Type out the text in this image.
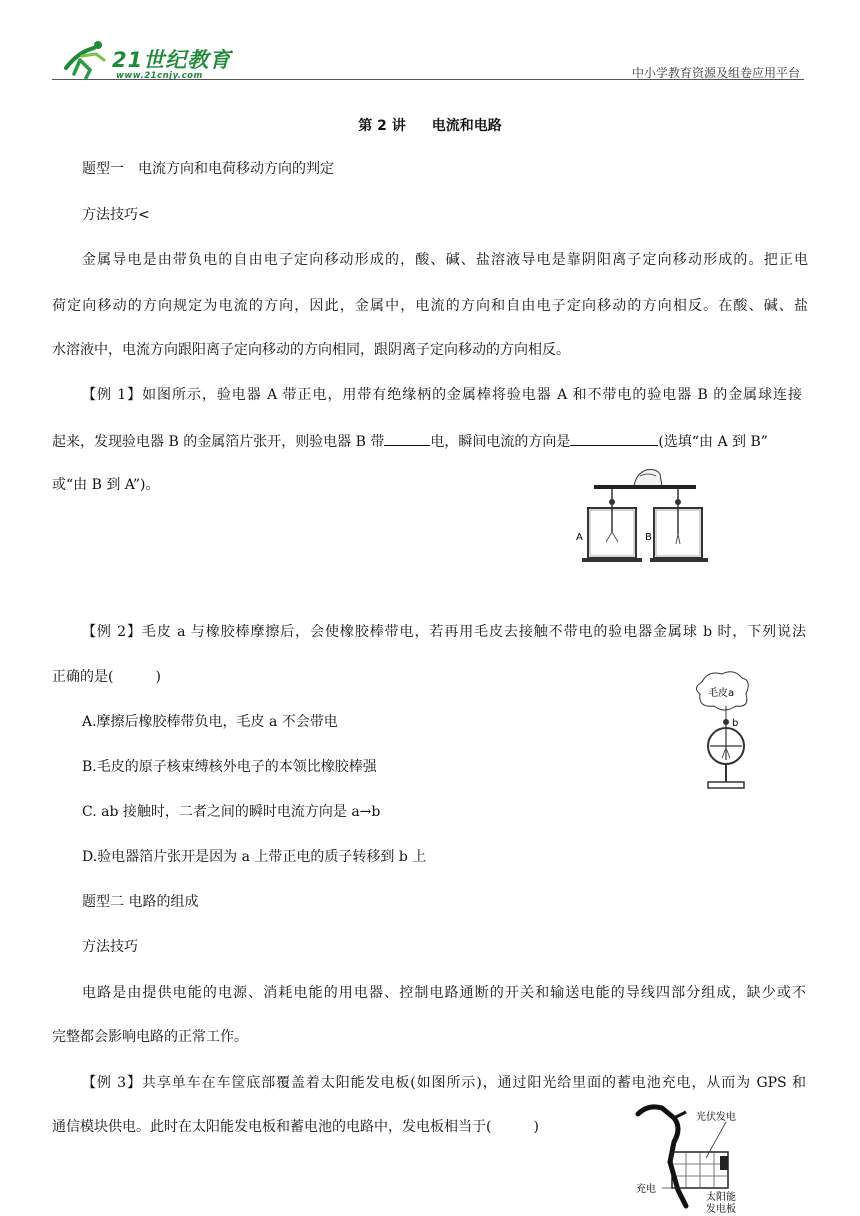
21世纪教育
www.21cnjy.com	中小学教育资源及组卷应用平台
第 2 讲 电流和电路
题型一　电流方向和电荷移动方向的判定
方法技巧<
金属导电是由带负电的自由电子定向移动形成的，酸、碱、盐溶液导电是靠阴阳离子定向移动形成的。把正电
荷定向移动的方向规定为电流的方向，因此，金属中，电流的方向和自由电子定向移动的方向相反。在酸、碱、盐
水溶液中，电流方向跟阳离子定向移动的方向相同，跟阴离子定向移动的方向相反。
【例 1】如图所示，验电器 A 带正电，用带有绝缘柄的金属棒将验电器 A 和不带电的验电器 B 的金属球连接
起来，发现验电器 B 的金属箔片张开，则验电器 B 带	电，瞬间电流的方向是	(选填“由 A 到 B”
或“由 B 到 A”)。
A	B
【例 2】毛皮 a 与橡胶棒摩擦后，会使橡胶棒带电，若再用毛皮去接触不带电的验电器金属球 b 时，下列说法
正确的是(　　　)
A.摩擦后橡胶棒带负电，毛皮 a 不会带电
B.毛皮的原子核束缚核外电子的本领比橡胶棒强
C. ab 接触时，二者之间的瞬时电流方向是 a→b
D.验电器箔片张开是因为 a 上带正电的质子转移到 b 上
毛皮a
b
题型二 电路的组成
方法技巧
电路是由提供电能的电源、消耗电能的用电器、控制电路通断的开关和输送电能的导线四部分组成，缺少或不
完整都会影响电路的正常工作。
【例 3】共享单车在车筐底部覆盖着太阳能发电板(如图所示)，通过阳光给里面的蓄电池充电，从而为 GPS 和
通信模块供电。此时在太阳能发电板和蓄电池的电路中，发电板相当于(　　　)
光伏发电
充电
太阳能
发电板
